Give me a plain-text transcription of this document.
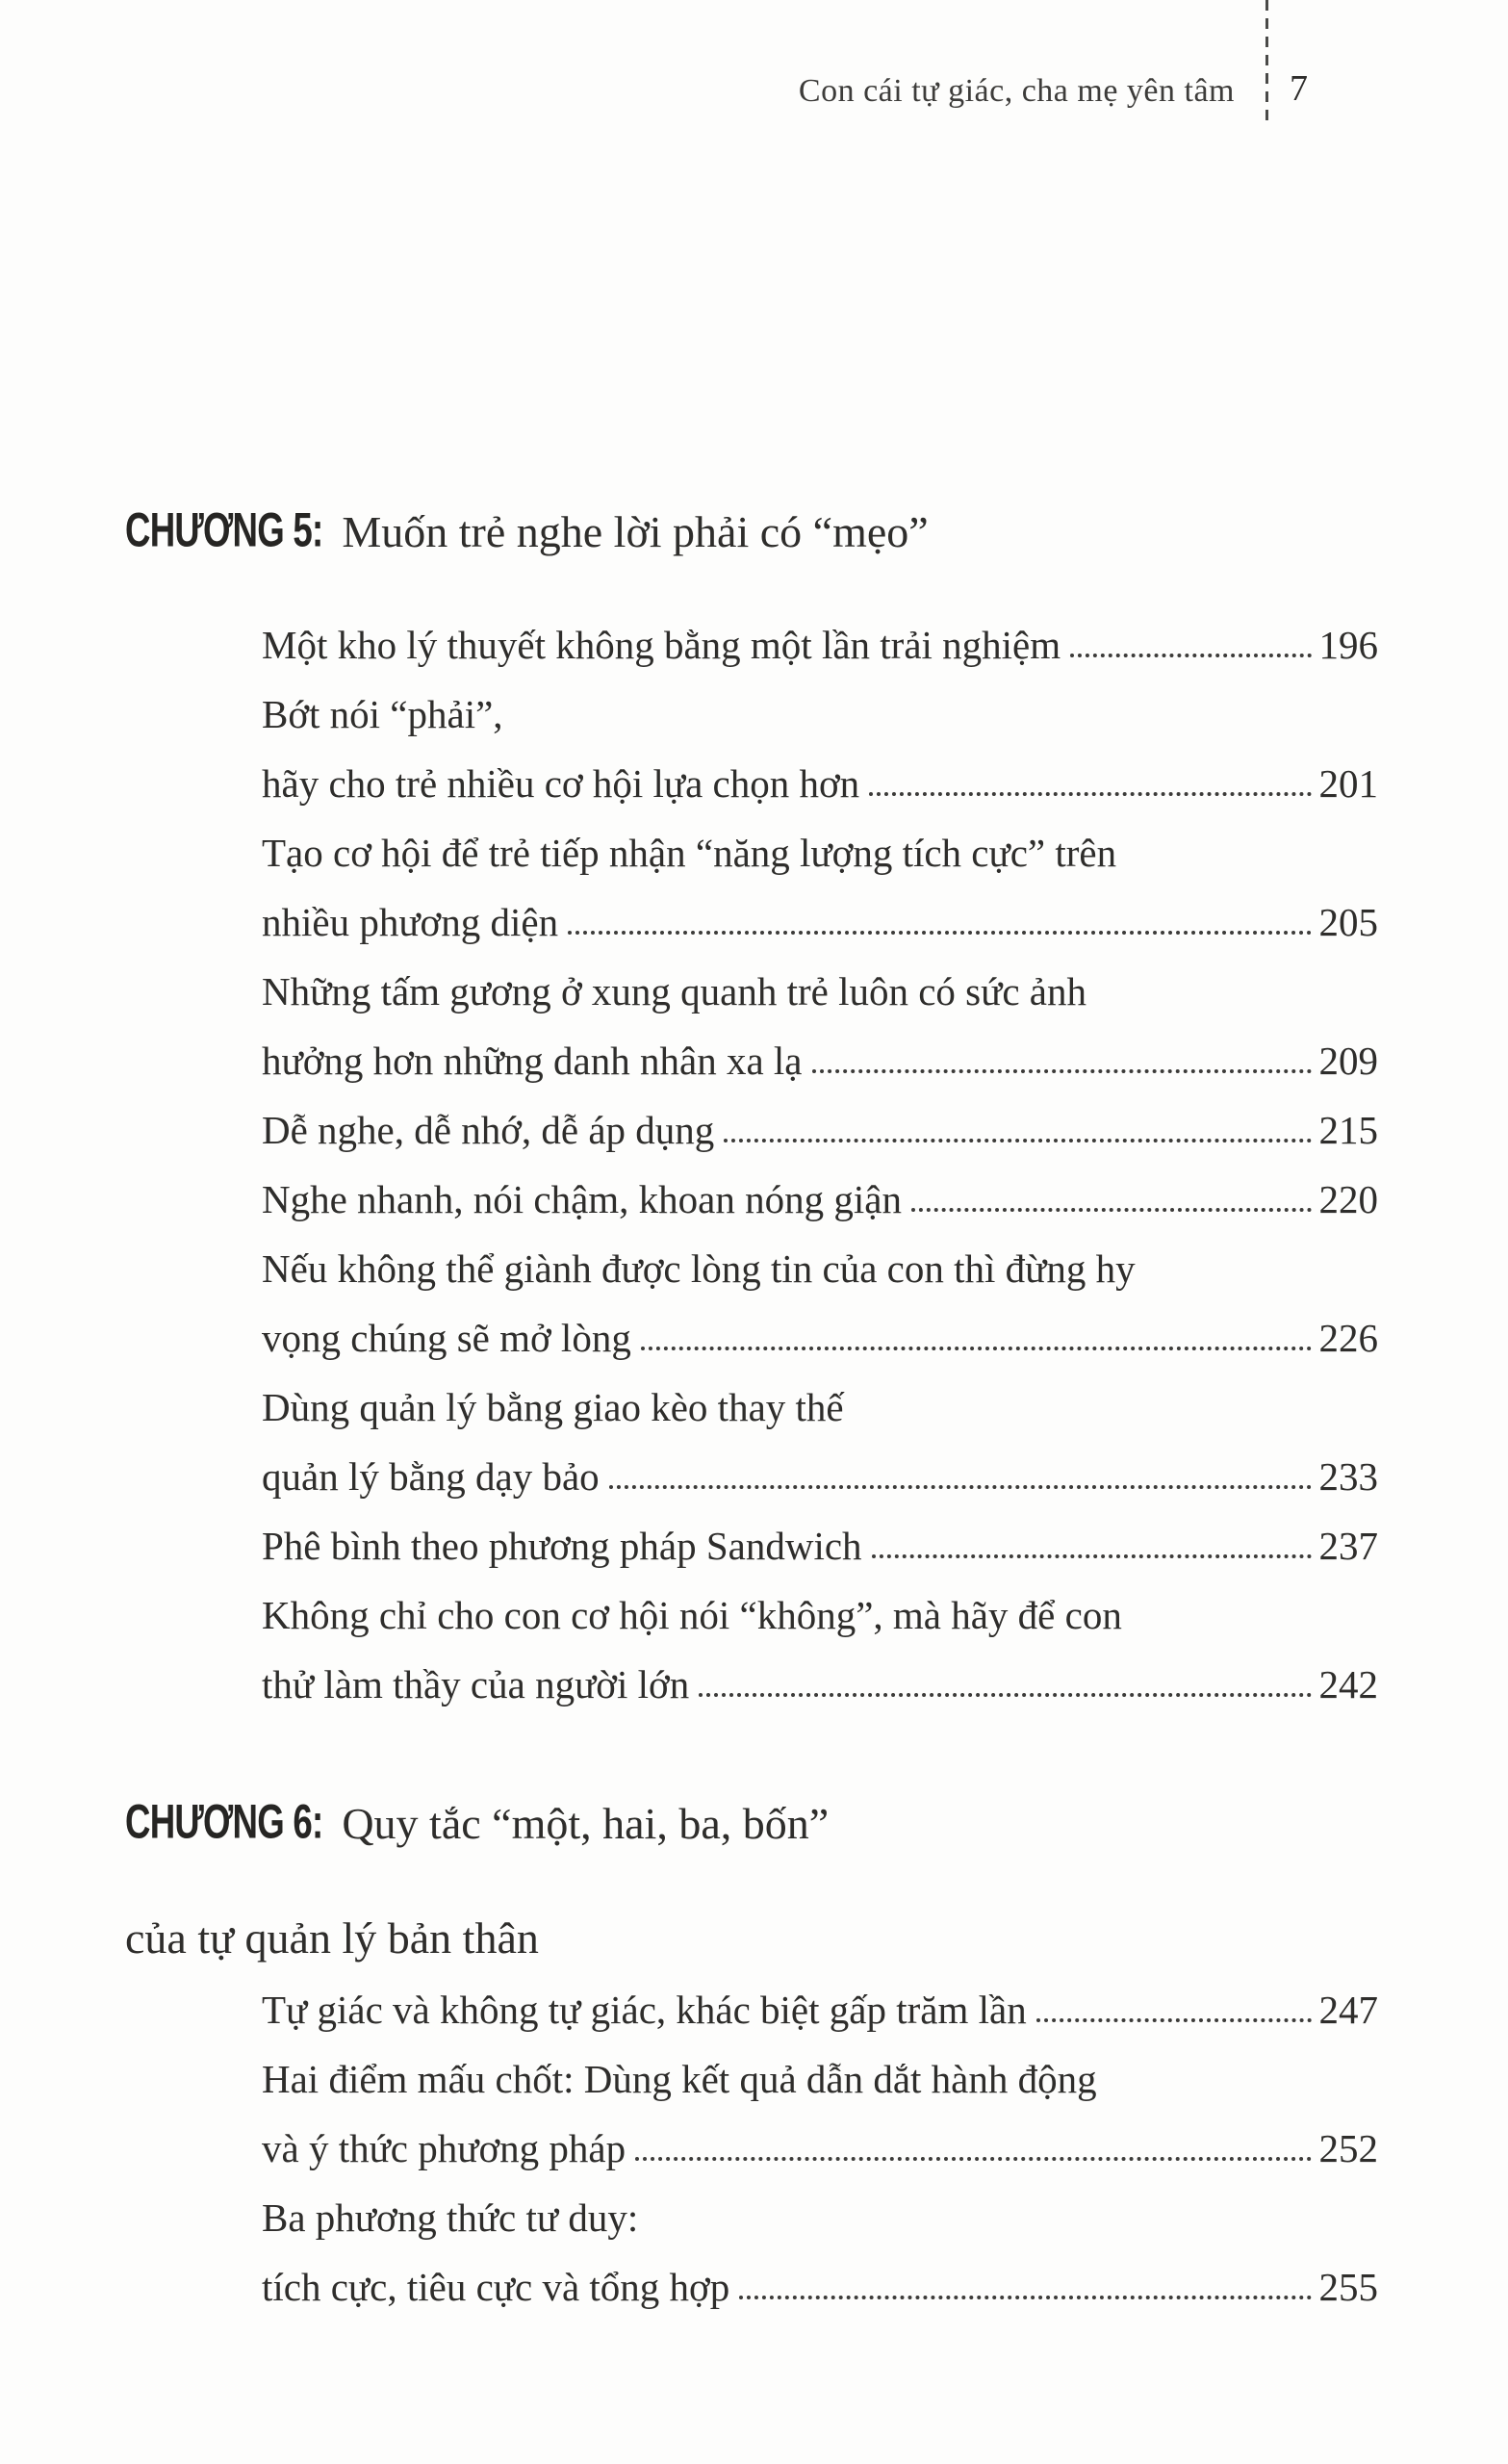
Con cái tự giác, cha mẹ yên tâm 7
CHƯƠNG 5: Muốn trẻ nghe lời phải có “mẹo”
Một kho lý thuyết không bằng một lần trải nghiệm	196
Bớt nói “phải”,
hãy cho trẻ nhiều cơ hội lựa chọn hơn	201
Tạo cơ hội để trẻ tiếp nhận “năng lượng tích cực” trên
nhiều phương diện	205
Những tấm gương ở xung quanh trẻ luôn có sức ảnh
hưởng hơn những danh nhân xa lạ	209
Dễ nghe, dễ nhớ, dễ áp dụng	215
Nghe nhanh, nói chậm, khoan nóng giận	220
Nếu không thể giành được lòng tin của con thì đừng hy
vọng chúng sẽ mở lòng	226
Dùng quản lý bằng giao kèo thay thế
quản lý bằng dạy bảo	233
Phê bình theo phương pháp Sandwich	237
Không chỉ cho con cơ hội nói “không”, mà hãy để con
thử làm thầy của người lớn	242
CHƯƠNG 6: Quy tắc “một, hai, ba, bốn”
của tự quản lý bản thân
Tự giác và không tự giác, khác biệt gấp trăm lần	247
Hai điểm mấu chốt: Dùng kết quả dẫn dắt hành động
và ý thức phương pháp	252
Ba phương thức tư duy:
tích cực, tiêu cực và tổng hợp	255
